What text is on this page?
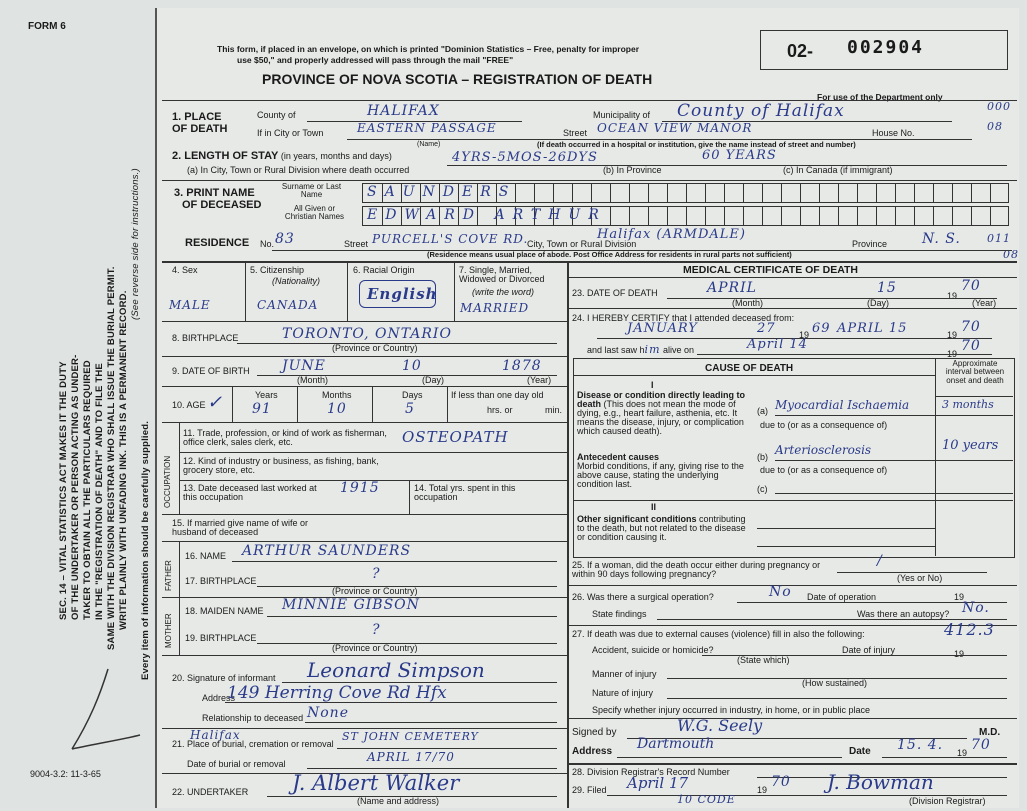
FORM 6
SEC. 14 – VITAL STATISTICS ACT MAKES IT THE DUTY OF THE UNDERTAKER OR PERSON ACTING AS UNDER- TAKER TO OBTAIN ALL THE PARTICULARS REQUIRED IN THE "REGISTRATION OF DEATH" AND TO FILE THE SAME WITH THE DIVISION REGISTRAR WHO SHALL ISSUE THE BURIAL PERMIT. WRITE PLAINLY WITH UNFADING INK. THIS IS A PERMANENT RECORD.
(See reverse side for instructions.)
Every item of information should be carefully supplied.
9004-3.2: 11-3-65
This form, if placed in an envelope, on which is printed "Dominion Statistics – Free, penalty for improper
use $50," and properly addressed will pass through the mail "FREE"
PROVINCE OF NOVA SCOTIA – REGISTRATION OF DEATH
02- 002904
For use of the Department only
1. PLACE OF DEATH
County of	HALIFAX	Municipality of County of Halifax	000
If in City or Town	EASTERN PASSAGE
(Name)
Street OCEAN VIEW MANOR	House No.	08
(If death occurred in a hospital or institution, give the name instead of street and number)
2. LENGTH OF STAY (in years, months and days)	4YRS-5MOS-26DYS	60 YEARS
(a) In City, Town or Rural Division where death occurred	(b) In Province	(c) In Canada (if immigrant)
3. PRINT NAME
OF DECEASED
Surname or Last Name
All Given or Christian Names
SAUNDERS
EDWARD ARTHUR
RESIDENCE No. 83	Street PURCELL'S COVE RD.
City, Town or Rural Division
Halifax (ARMDALE)
Province N. S. 011
08
(Residence means usual place of abode. Post Office Address for residents in rural parts not sufficient)
4. Sex
MALE
5. Citizenship
(Nationality)
CANADA
6. Racial Origin
English
7. Single, Married, Widowed or Divorced
(write the word)
MARRIED
8. BIRTHPLACE	TORONTO, ONTARIO
(Province or Country)
9. DATE OF BIRTH JUNE	10	1878
(Month)	(Day)	(Year)
10. AGE ✓	Years
91
Months
10
Days
5
If less than one day old
hrs. or	min.
OCCUPATION
11. Trade, profession, or kind of work as fisherman, office clerk, sales clerk, etc.	OSTEOPATH
12. Kind of industry or business, as fishing, bank, grocery store, etc.
13. Date deceased last worked at this occupation
1915	14. Total yrs. spent in this occupation
15. If married give name of wife or husband of deceased
FATHER
16. NAME ARTHUR SAUNDERS
17. BIRTHPLACE	?
(Province or Country)
MOTHER
18. MAIDEN NAME MINNIE GIBSON
19. BIRTHPLACE	?
(Province or Country)
20. Signature of informant Leonard Simpson
Address
149 Herring Cove Rd Hfx
Relationship to deceased None
Halifax
21. Place of burial, cremation or removal
ST JOHN CEMETERY
Date of burial or removal	APRIL 17/70
22. UNDERTAKER J. Albert Walker
(Name and address)
MEDICAL CERTIFICATE OF DEATH
23. DATE OF DEATH	APRIL	15	19
70
(Month)	(Day)	(Year)
24. I HEREBY CERTIFY that I attended deceased from:
JANUARY	27	19 69 APRIL 15	19 70
and last saw him alive on	April 14
19 70
CAUSE OF DEATH	Approximate interval between onset and death
I
Disease or condition directly leading to death (This does not mean the mode of dying, e.g., heart failure, asthenia, etc. It means the disease, injury, or complication which caused death).
(a) Myocardial Ischaemia	3 months
due to (or as a consequence of)
Antecedent causes
Morbid conditions, if any, giving rise to the above cause, stating the underlying condition last.
(b) Arteriosclerosis	10 years
due to (or as a consequence of)
(c)
II
Other significant conditions contributing to the death, but not related to the disease or condition causing it.
25. If a woman, did the death occur either during pregnancy or within 90 days following pregnancy?
/
(Yes or No)
26. Was there a surgical operation?	No Date of operation	19
State findings	Was there an autopsy? No.
27. If death was due to external causes (violence) fill in also the following:	412.3
Accident, suicide or homicide?	Date of injury	19
(State which)
Manner of injury
(How sustained)
Nature of injury
Specify whether injury occurred in industry, in home, or in public place
Signed by	W.G. Seely	M.D.
Address Dartmouth	Date 15. 4. 19 70
28. Division Registrar's Record Number
29. Filed April 17	19 70 J. Bowman
10 CODE	(Division Registrar)
